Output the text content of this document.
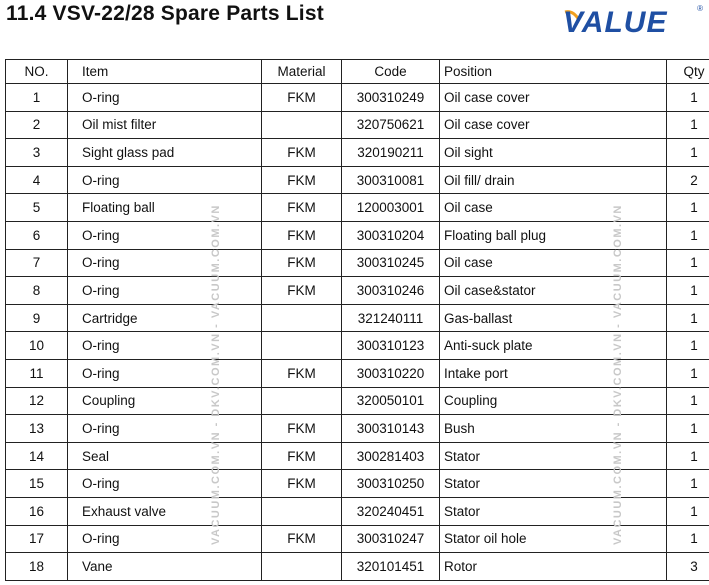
11.4 VSV-22/28 Spare Parts List	VALUE	®
NO.	Item	Material	Code	Position	Qty
1	O-ring	FKM	300310249	Oil case cover	1
2	Oil mist filter		320750621	Oil case cover	1
3	Sight glass pad	FKM	320190211	Oil sight	1
4	O-ring	FKM	300310081	Oil fill/ drain	2
5	Floating ball	FKM	120003001	Oil case	1
6	O-ring	FKM	300310204	Floating ball plug	1
7	O-ring	FKM	300310245	Oil case	1
8	O-ring	FKM	300310246	Oil case&stator	1
9	Cartridge		321240111	Gas-ballast	1
10	O-ring		300310123	Anti-suck plate	1
11	O-ring	FKM	300310220	Intake port	1
12	Coupling		320050101	Coupling	1
13	O-ring	FKM	300310143	Bush	1
14	Seal	FKM	300281403	Stator	1
15	O-ring	FKM	300310250	Stator	1
16	Exhaust valve		320240451	Stator	1
17	O-ring	FKM	300310247	Stator oil hole	1
18	Vane		320101451	Rotor	3
VACUUM.COM.VN - DKV.COM.VN - VACUUM.COM.VN	VACUUM.COM.VN - DKV.COM.VN - VACUUM.COM.VN
